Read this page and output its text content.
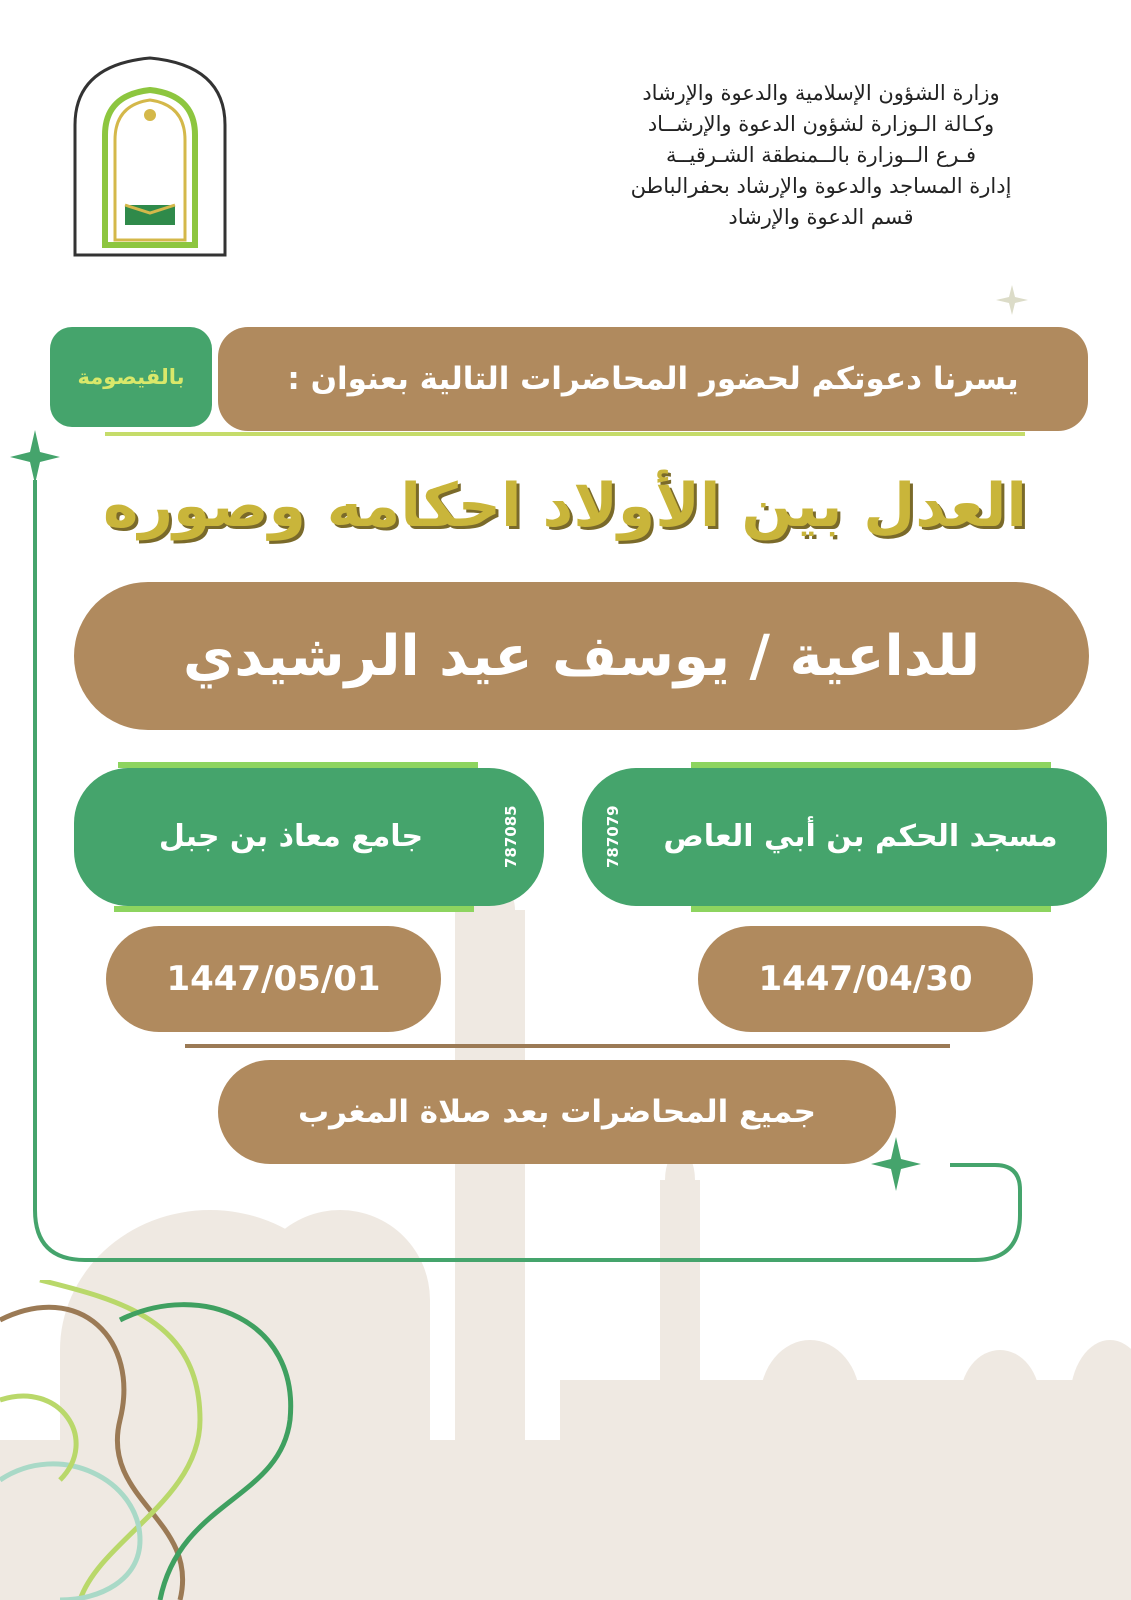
وزارة الشؤون الإسلامية والدعوة والإرشاد
وكـالة الـوزارة لشؤون الدعوة والإرشــاد
فـرع الــوزارة بالــمنطقة الشـرقيــة
إدارة المساجد والدعوة والإرشاد بحفرالباطن
قسم الدعوة والإرشاد
يسرنا دعوتكم لحضور المحاضرات التالية بعنوان :
بالقيصومة
العدل بين الأولاد احكامه وصوره
للداعية / يوسف عيد الرشيدي
مسجد الحكم بن أبي العاص
787079
جامع معاذ بن جبل	787085
1447/04/30
1447/05/01
جميع المحاضرات بعد صلاة المغرب
